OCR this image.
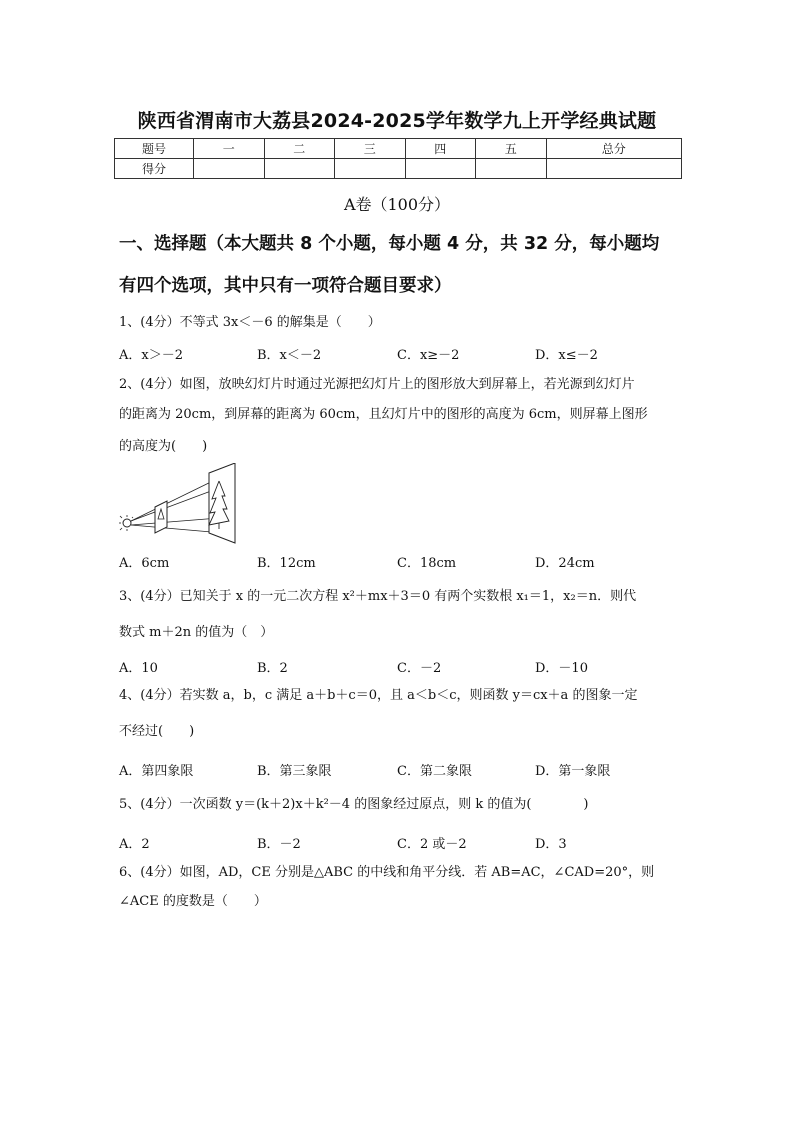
陕西省渭南市大荔县2024-2025学年数学九上开学经典试题
题号	一	二	三	四	五	总分
得分						
A卷（100分）
一、选择题（本大题共 8 个小题，每小题 4 分，共 32 分，每小题均
有四个选项，其中只有一项符合题目要求）
1、(4分）不等式 3x＜－6 的解集是（　　）
A．x＞－2	B．x＜－2	C．x≥－2	D．x≤－2
2、(4分）如图，放映幻灯片时通过光源把幻灯片上的图形放大到屏幕上，若光源到幻灯片
的距离为 20cm，到屏幕的距离为 60cm，且幻灯片中的图形的高度为 6cm，则屏幕上图形
的高度为(　　)
A．6cm	B．12cm	C．18cm	D．24cm
3、(4分）已知关于 x 的一元二次方程 x²＋mx＋3＝0 有两个实数根 x₁＝1，x₂＝n．则代
数式 m＋2n 的值为（　）
A．10	B．2	C．－2	D．－10
4、(4分）若实数 a，b，c 满足 a＋b＋c＝0，且 a＜b＜c，则函数 y＝cx＋a 的图象一定
不经过(　　)
A．第四象限	B．第三象限	C．第二象限	D．第一象限
5、(4分）一次函数 y＝(k＋2)x＋k²－4 的图象经过原点，则 k 的值为(　　　　)
A．2	B．－2	C．2 或－2	D．3
6、(4分）如图，AD，CE 分别是△ABC 的中线和角平分线．若 AB=AC，∠CAD=20°，则
∠ACE 的度数是（　　）
